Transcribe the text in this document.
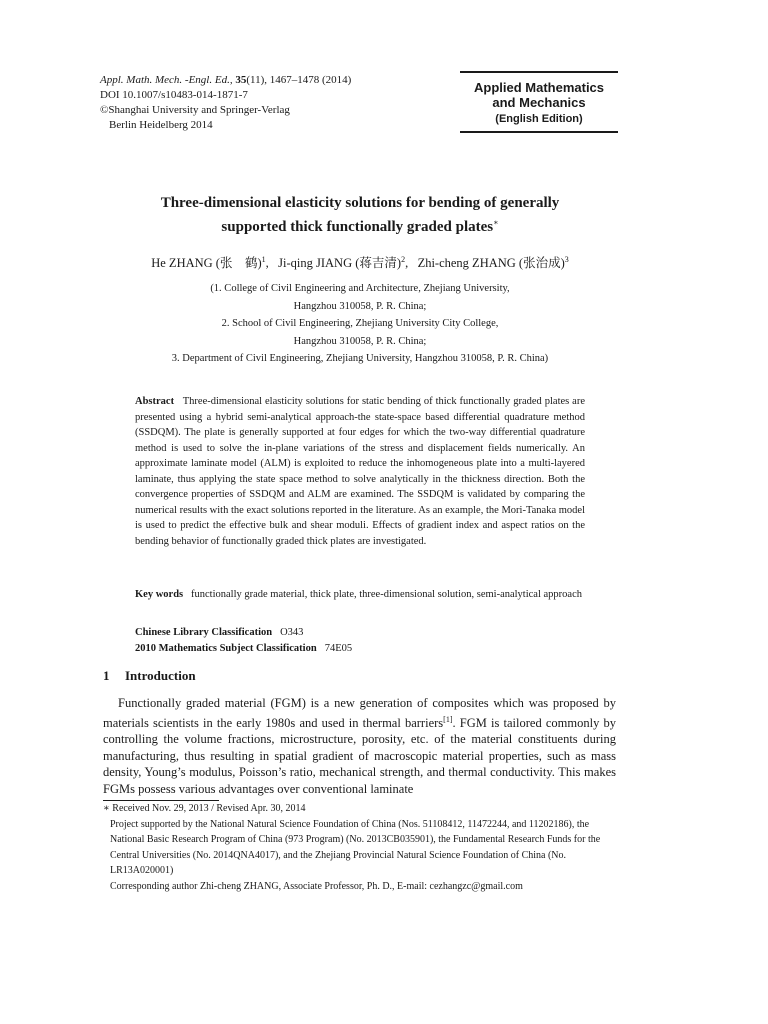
Appl. Math. Mech. -Engl. Ed., 35(11), 1467–1478 (2014)
DOI 10.1007/s10483-014-1871-7
©Shanghai University and Springer-Verlag
Berlin Heidelberg 2014
Applied Mathematics
and Mechanics
(English Edition)
Three-dimensional elasticity solutions for bending of generally
supported thick functionally graded plates∗
He ZHANG (张　鹤)$^1$, Ji-qing JIANG (蒋吉清)$^2$, Zhi-cheng ZHANG (张治成)$^3$
(1. College of Civil Engineering and Architecture, Zhejiang University,
Hangzhou 310058, P. R. China;
2. School of Civil Engineering, Zhejiang University City College,
Hangzhou 310058, P. R. China;
3. Department of Civil Engineering, Zhejiang University, Hangzhou 310058, P. R. China)
Abstract Three-dimensional elasticity solutions for static bending of thick functionally graded plates are presented using a hybrid semi-analytical approach-the state-space based differential quadrature method (SSDQM). The plate is generally supported at four edges for which the two-way differential quadrature method is used to solve the in-plane variations of the stress and displacement fields numerically. An approximate laminate model (ALM) is exploited to reduce the inhomogeneous plate into a multi-layered laminate, thus applying the state space method to solve analytically in the thickness direction. Both the convergence properties of SSDQM and ALM are examined. The SSDQM is validated by comparing the numerical results with the exact solutions reported in the literature. As an example, the Mori-Tanaka model is used to predict the effective bulk and shear moduli. Effects of gradient index and aspect ratios on the bending behavior of functionally graded thick plates are investigated.
Key words functionally grade material, thick plate, three-dimensional solution, semi-analytical approach
Chinese Library Classification O343
2010 Mathematics Subject Classification 74E05
1 Introduction

Functionally graded material (FGM) is a new generation of composites which was proposed by materials scientists in the early 1980s and used in thermal barriers[1]. FGM is tailored commonly by controlling the volume fractions, microstructure, porosity, etc. of the material constituents during manufacturing, thus resulting in spatial gradient of macroscopic material properties, such as mass density, Young’s modulus, Poisson’s ratio, mechanical strength, and thermal conductivity. This makes FGMs possess various advantages over conventional laminate

∗ Received Nov. 29, 2013 / Revised Apr. 30, 2014
Project supported by the National Natural Science Foundation of China (Nos. 51108412, 11472244, and 11202186), the National Basic Research Program of China (973 Program) (No. 2013CB035901), the Fundamental Research Funds for the Central Universities (No. 2014QNA4017), and the Zhejiang Provincial Natural Science Foundation of China (No. LR13A020001)
Corresponding author Zhi-cheng ZHANG, Associate Professor, Ph. D., E-mail: cezhangzc@gmail.com
